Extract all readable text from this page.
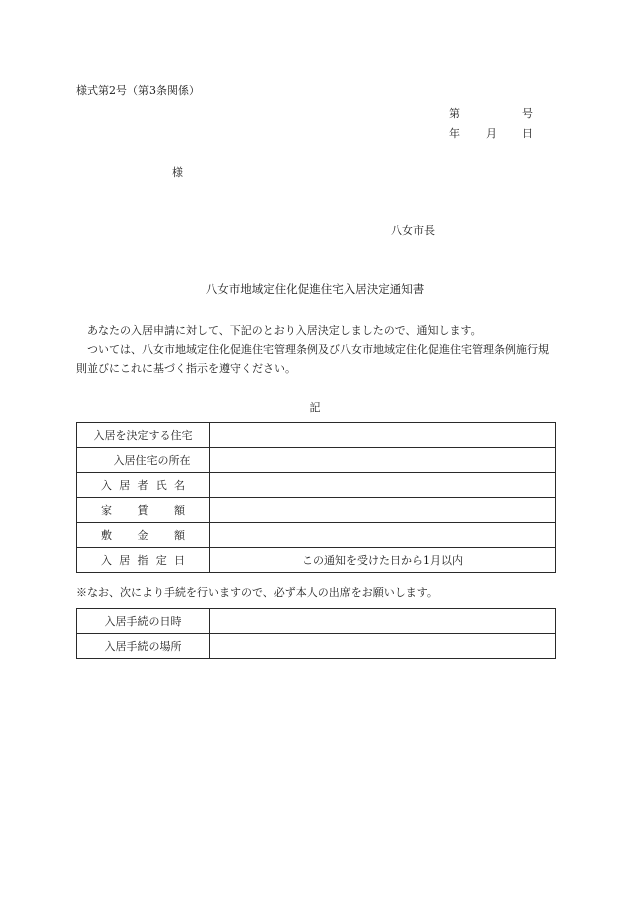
様式第2号（第3条関係）
第	号
年 月 日
様
八女市長
八女市地域定住化促進住宅入居決定通知書

あなたの入居申請に対して、下記のとおり入居決定しましたので、通知します。

ついては、八女市地域定住化促進住宅管理条例及び八女市地域定住化促進住宅管理条例施行規則並びにこれに基づく指示を遵守ください。

記
入居を決定する住宅	
入居住宅の所在	
入居者氏名	
家賃額	
敷金額	
入居指定日	この通知を受けた日から1月以内
※なお、次により手続を行いますので、必ず本人の出席をお願いします。
入居手続の日時	
入居手続の場所	
